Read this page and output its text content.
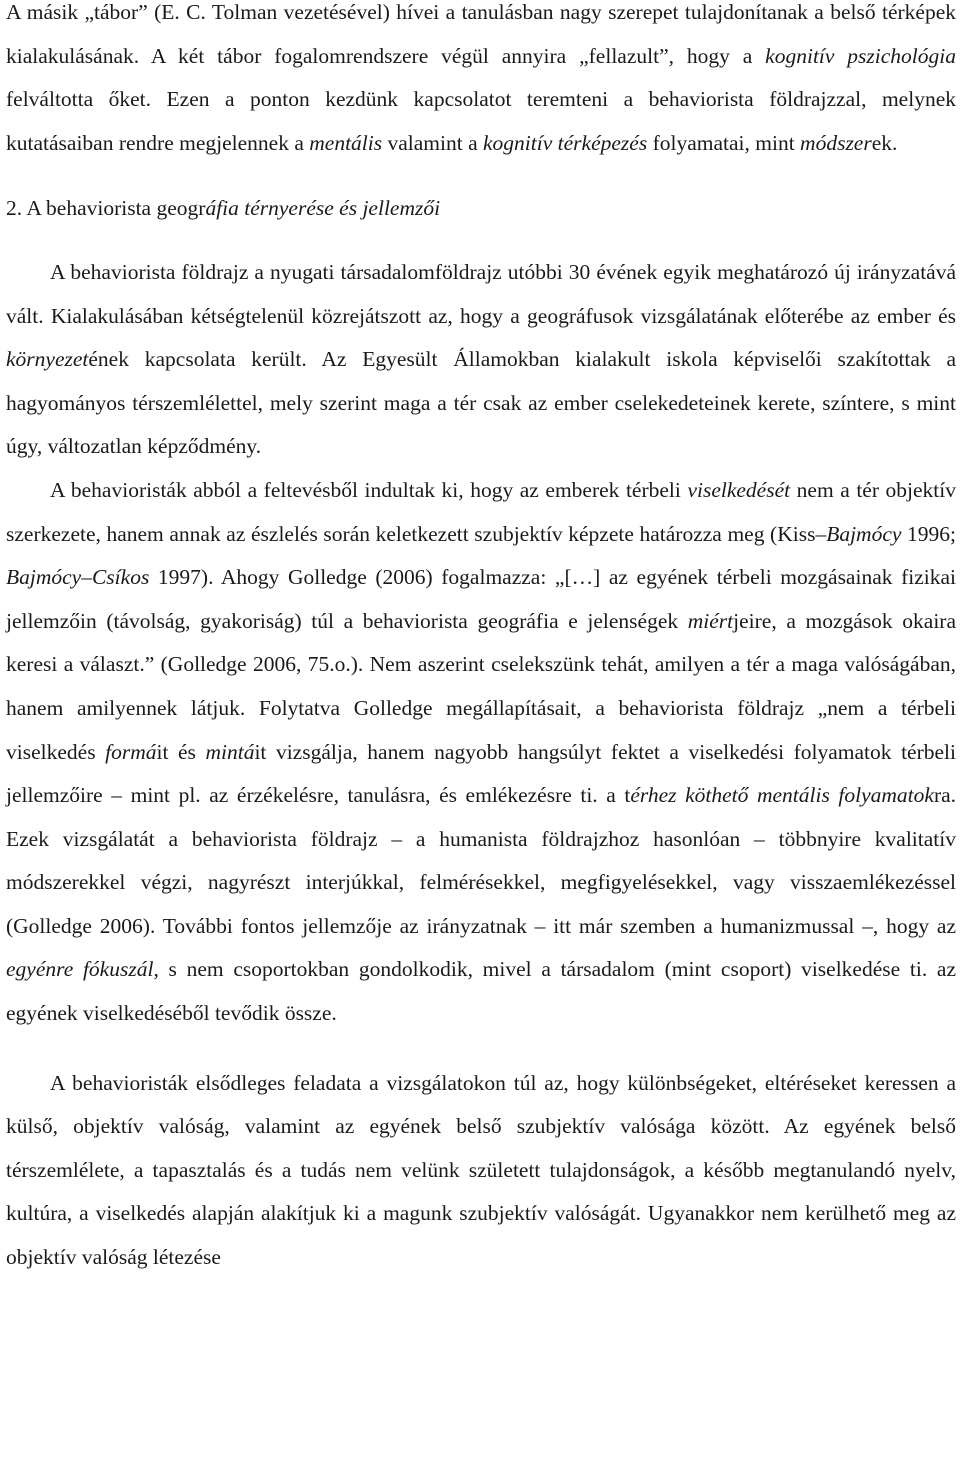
A másik „tábor” (E. C. Tolman vezetésével) hívei a tanulásban nagy szerepet tulajdonítanak a belső térképek kialakulásának. A két tábor fogalomrendszere végül annyira „fellazult”, hogy a kognitív pszichológia felváltotta őket. Ezen a ponton kezdünk kapcsolatot teremteni a behaviorista földrajzzal, melynek kutatásaiban rendre megjelennek a mentális valamint a kognitív térképezés folyamatai, mint módszerek.

2. A behaviorista geográfia térnyerése és jellemzői

A behaviorista földrajz a nyugati társadalomföldrajz utóbbi 30 évének egyik meghatározó új irányzatává vált. Kialakulásában kétségtelenül közrejátszott az, hogy a geográfusok vizsgálatának előterébe az ember és környezetének kapcsolata került. Az Egyesült Államokban kialakult iskola képviselői szakítottak a hagyományos térszemlélettel, mely szerint maga a tér csak az ember cselekedeteinek kerete, színtere, s mint úgy, változatlan képződmény.

A behavioristák abból a feltevésből indultak ki, hogy az emberek térbeli viselkedését nem a tér objektív szerkezete, hanem annak az észlelés során keletkezett szubjektív képzete határozza meg (Kiss–Bajmócy 1996; Bajmócy–Csíkos 1997). Ahogy Golledge (2006) fogalmazza: „[…] az egyének térbeli mozgásainak fizikai jellemzőin (távolság, gyakoriság) túl a behaviorista geográfia e jelenségek miértjeire, a mozgások okaira keresi a választ.” (Golledge 2006, 75.o.). Nem aszerint cselekszünk tehát, amilyen a tér a maga valóságában, hanem amilyennek látjuk. Folytatva Golledge megállapításait, a behaviorista földrajz „nem a térbeli viselkedés formáit és mintáit vizsgálja, hanem nagyobb hangsúlyt fektet a viselkedési folyamatok térbeli jellemzőire – mint pl. az érzékelésre, tanulásra, és emlékezésre ti. a térhez köthető mentális folyamatokra. Ezek vizsgálatát a behaviorista földrajz – a humanista földrajzhoz hasonlóan – többnyire kvalitatív módszerekkel végzi, nagyrészt interjúkkal, felmérésekkel, megfigyelésekkel, vagy visszaemlékezéssel (Golledge 2006). További fontos jellemzője az irányzatnak – itt már szemben a humanizmussal –, hogy az egyénre fókuszál, s nem csoportokban gondolkodik, mivel a társadalom (mint csoport) viselkedése ti. az egyének viselkedéséből tevődik össze.

A behavioristák elsődleges feladata a vizsgálatokon túl az, hogy különbségeket, eltéréseket keressen a külső, objektív valóság, valamint az egyének belső szubjektív valósága között. Az egyének belső térszemlélete, a tapasztalás és a tudás nem velünk született tulajdonságok, a később megtanulandó nyelv, kultúra, a viselkedés alapján alakítjuk ki a magunk szubjektív valóságát. Ugyanakkor nem kerülhető meg az objektív valóság létezése
